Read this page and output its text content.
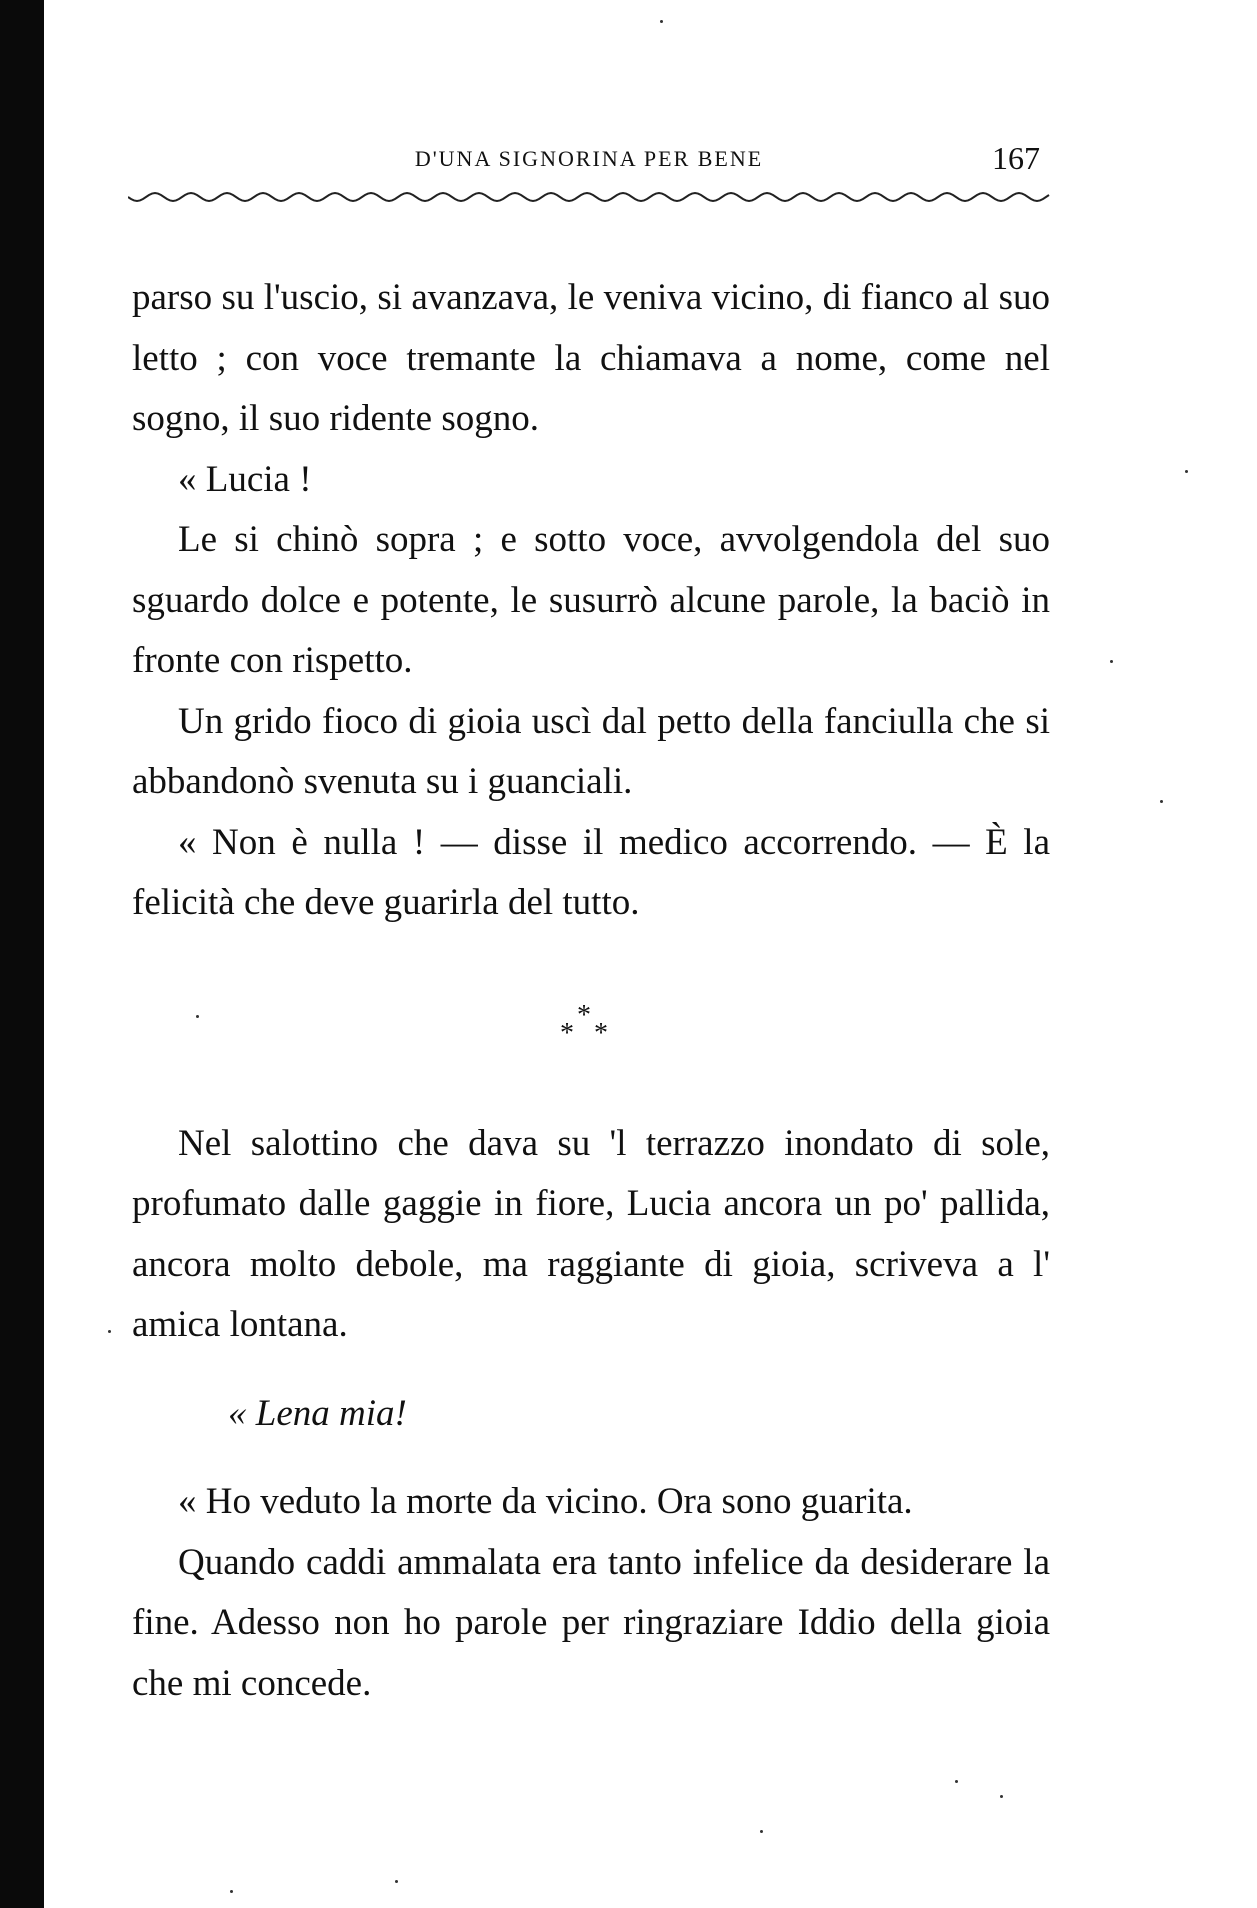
D'UNA SIGNORINA PER BENE	167

parso su l'uscio, si avanzava, le veniva vicino, di fianco al suo letto ; con voce tremante la chiamava a nome, come nel sogno, il suo ridente sogno.

« Lucia !

Le si chinò sopra ; e sotto voce, avvolgendola del suo sguardo dolce e potente, le susurrò alcune parole, la baciò in fronte con rispetto.

Un grido fioco di gioia uscì dal petto della fanciulla che si abbandonò svenuta su i guanciali.

« Non è nulla ! — disse il medico accorrendo. — È la felicità che deve guarirla del tutto.

*
* *

Nel salottino che dava su 'l terrazzo inondato di sole, profumato dalle gaggie in fiore, Lucia ancora un po' pallida, ancora molto debole, ma raggiante di gioia, scriveva a l' amica lontana.

« Lena mia!

« Ho veduto la morte da vicino. Ora sono guarita.

Quando caddi ammalata era tanto infelice da desiderare la fine. Adesso non ho parole per ringraziare Iddio della gioia che mi concede.
